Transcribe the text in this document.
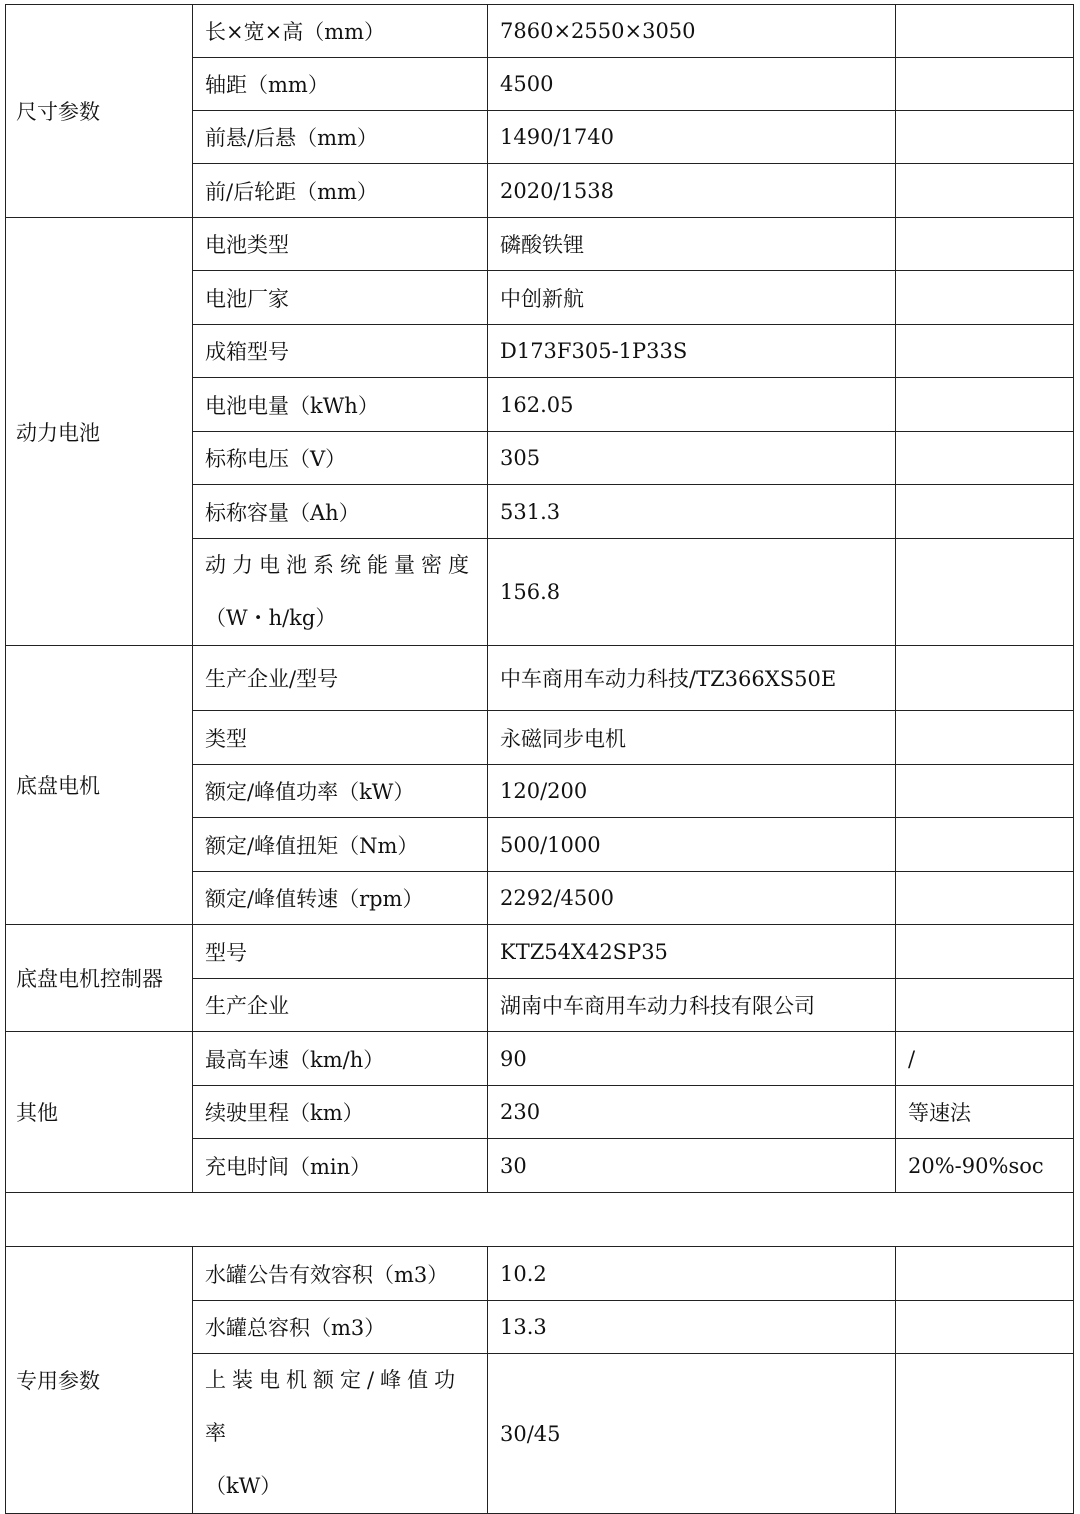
尺寸参数	长×宽×高（mm）	7860×2550×3050	
	轴距（mm）	4500	
	前悬/后悬（mm）	1490/1740	
	前/后轮距（mm）	2020/1538	
动力电池	电池类型	磷酸铁锂	
	电池厂家	中创新航	
	成箱型号	D173F305-1P33S	
	电池电量（kWh）	162.05	
	标称电压（V）	305	
	标称容量（Ah）	531.3	
	动力电池系统能量密度
（W・h/kg）	156.8	
底盘电机	生产企业/型号	中车商用车动力科技/TZ366XS50E	
	类型	永磁同步电机	
	额定/峰值功率（kW）	120/200	
	额定/峰值扭矩（Nm）	500/1000	
	额定/峰值转速（rpm）	2292/4500	
底盘电机控制器	型号	KTZ54X42SP35	
	生产企业	湖南中车商用车动力科技有限公司	
其他	最高车速（km/h）	90	/
	续驶里程（km）	230	等速法
	充电时间（min）	30	20%-90%soc

专用参数	水罐公告有效容积（m3）	10.2	
	水罐总容积（m3）	13.3	
	上装电机额定/峰值功率
（kW）	30/45	
